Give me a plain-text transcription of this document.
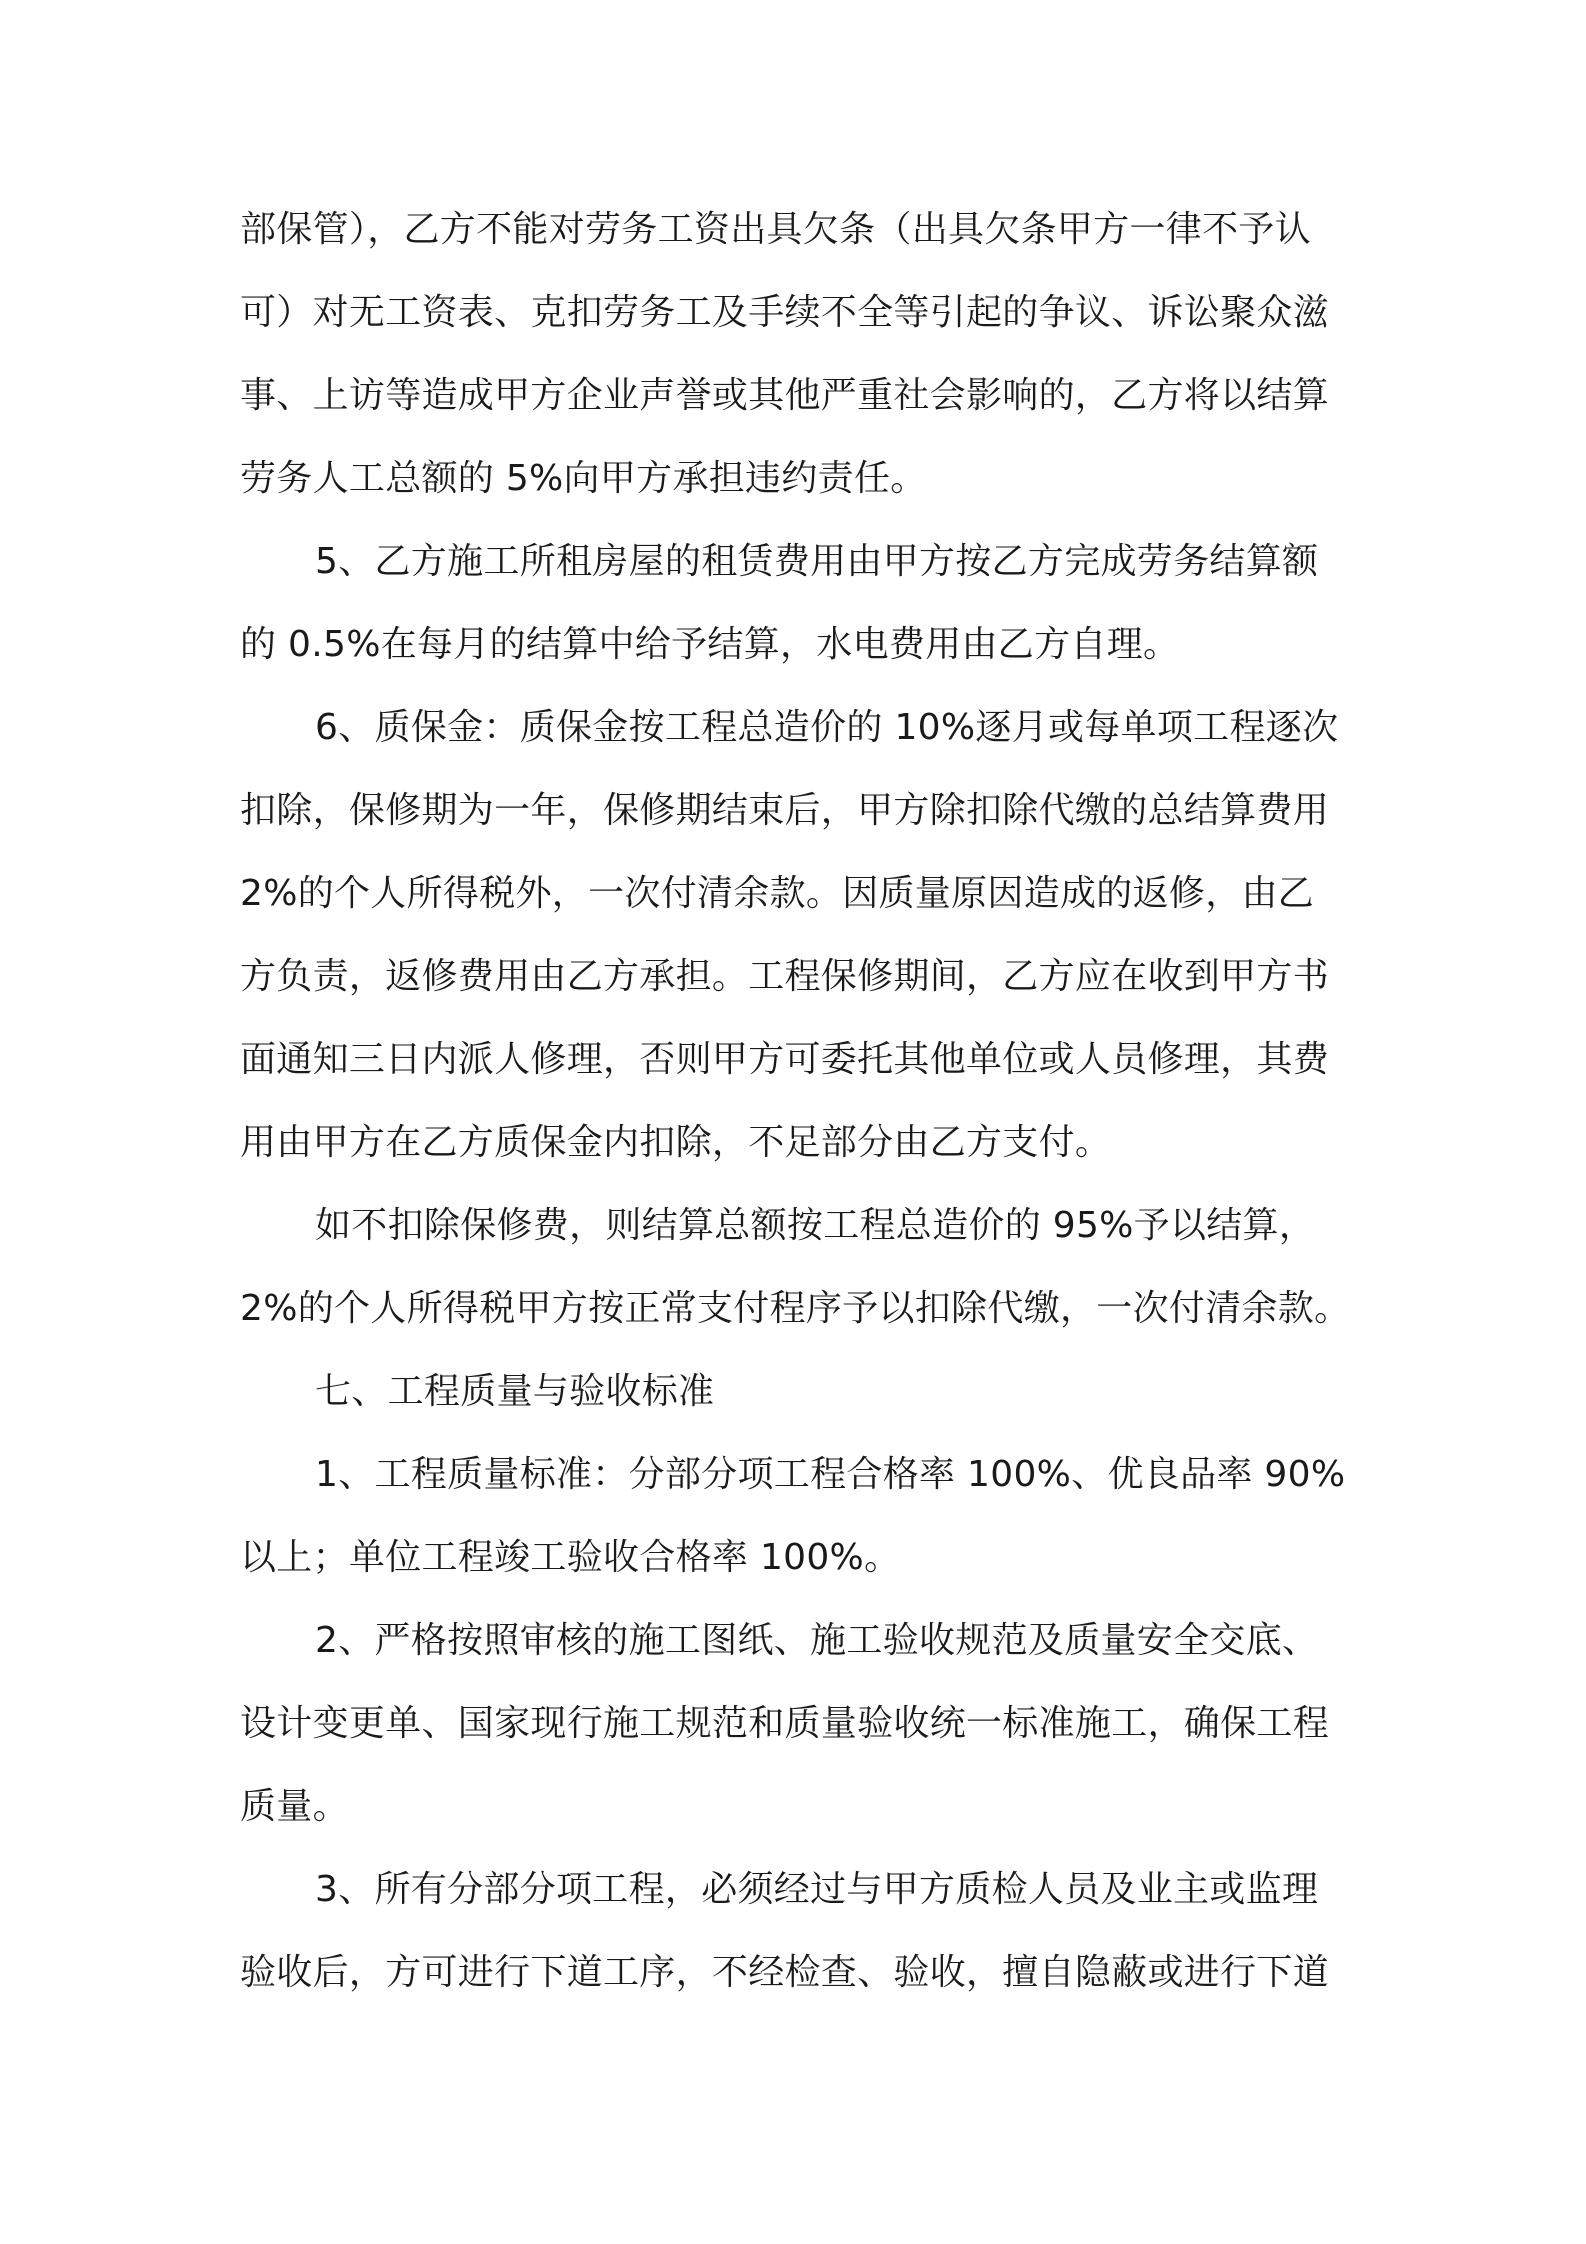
部保管），乙方不能对劳务工资出具欠条（出具欠条甲方一律不予认
可）对无工资表、克扣劳务工及手续不全等引起的争议、诉讼聚众滋
事、上访等造成甲方企业声誉或其他严重社会影响的，乙方将以结算
劳务人工总额的 5%向甲方承担违约责任。
5、乙方施工所租房屋的租赁费用由甲方按乙方完成劳务结算额
的 0.5%在每月的结算中给予结算，水电费用由乙方自理。
6、质保金：质保金按工程总造价的 10%逐月或每单项工程逐次
扣除，保修期为一年，保修期结束后，甲方除扣除代缴的总结算费用
2%的个人所得税外，一次付清余款。因质量原因造成的返修，由乙
方负责，返修费用由乙方承担。工程保修期间，乙方应在收到甲方书
面通知三日内派人修理，否则甲方可委托其他单位或人员修理，其费
用由甲方在乙方质保金内扣除，不足部分由乙方支付。
如不扣除保修费，则结算总额按工程总造价的 95%予以结算，
2%的个人所得税甲方按正常支付程序予以扣除代缴，一次付清余款。
七、工程质量与验收标准
1、工程质量标准：分部分项工程合格率 100%、优良品率 90%
以上；单位工程竣工验收合格率 100%。
2、严格按照审核的施工图纸、施工验收规范及质量安全交底、
设计变更单、国家现行施工规范和质量验收统一标准施工，确保工程
质量。
3、所有分部分项工程，必须经过与甲方质检人员及业主或监理
验收后，方可进行下道工序，不经检查、验收，擅自隐蔽或进行下道
